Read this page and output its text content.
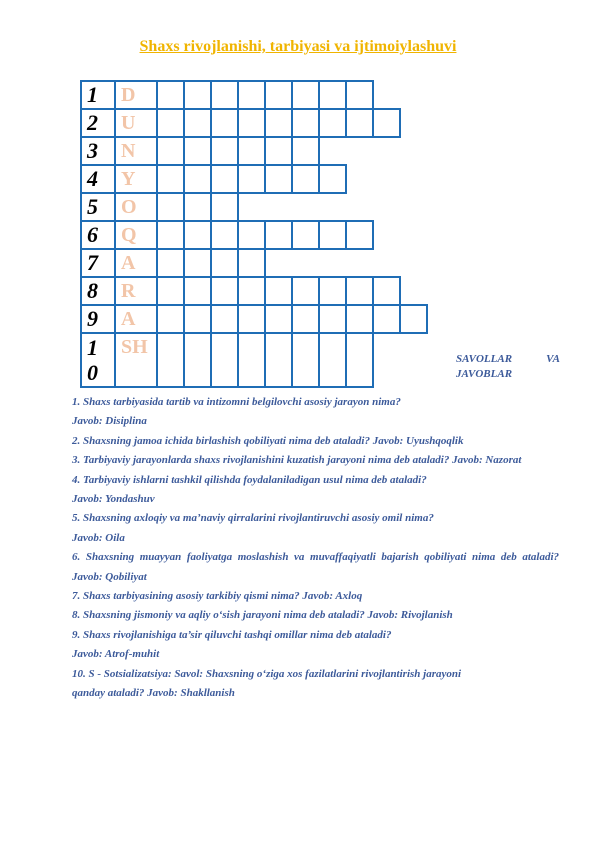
Shaxs rivojlanishi, tarbiyasi va ijtimoiylashuvi
1	D										
2	U										
3	N										
4	Y										
5	O										
6	Q										
7	A										
8	R										
9	A										
1
0	SH										
SAVOLLAR	VA
JAVOBLAR

1. Shaxs tarbiyasida tartib va intizomni belgilovchi asosiy jarayon nima?

Javob: Disiplina

2. Shaxsning jamoa ichida birlashish qobiliyati nima deb ataladi? Javob: Uyushqoqlik

3. Tarbiyaviy jarayonlarda shaxs rivojlanishini kuzatish jarayoni nima deb ataladi? Javob: Nazorat

4. Tarbiyaviy ishlarni tashkil qilishda foydalaniladigan usul nima deb ataladi?

Javob: Yondashuv

5. Shaxsning axloqiy va ma’naviy qirralarini rivojlantiruvchi asosiy omil nima?

Javob: Oila

6. Shaxsning muayyan faoliyatga moslashish va muvaffaqiyatli bajarish qobiliyati nima deb ataladi? Javob: Qobiliyat

7. Shaxs tarbiyasining asosiy tarkibiy qismi nima? Javob: Axloq

8. Shaxsning jismoniy va aqliy o‘sish jarayoni nima deb ataladi? Javob: Rivojlanish

9. Shaxs rivojlanishiga ta’sir qiluvchi tashqi omillar nima deb ataladi?

Javob: Atrof-muhit

10. S - Sotsializatsiya: Savol: Shaxsning o‘ziga xos fazilatlarini rivojlantirish jarayoni

qanday ataladi? Javob: Shakllanish
